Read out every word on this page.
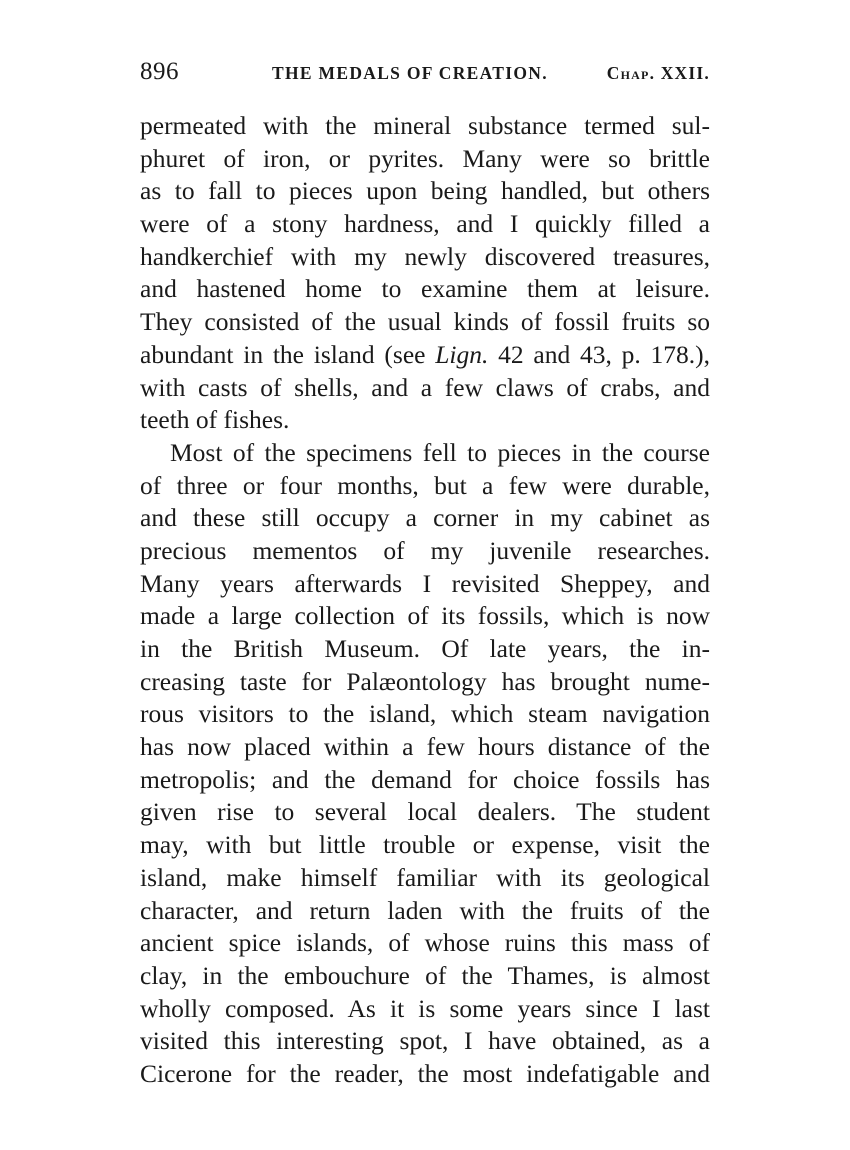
896	THE MEDALS OF CREATION.	Chap. XXII.
permeated with the mineral substance termed sul-
phuret of iron, or pyrites. Many were so brittle
as to fall to pieces upon being handled, but others
were of a stony hardness, and I quickly filled a
handkerchief with my newly discovered treasures,
and hastened home to examine them at leisure.
They consisted of the usual kinds of fossil fruits so
abundant in the island (see Lign. 42 and 43, p. 178.),
with casts of shells, and a few claws of crabs, and
teeth of fishes.
Most of the specimens fell to pieces in the course
of three or four months, but a few were durable,
and these still occupy a corner in my cabinet as
precious mementos of my juvenile researches.
Many years afterwards I revisited Sheppey, and
made a large collection of its fossils, which is now
in the British Museum. Of late years, the in-
creasing taste for Palæontology has brought nume-
rous visitors to the island, which steam navigation
has now placed within a few hours distance of the
metropolis; and the demand for choice fossils has
given rise to several local dealers. The student
may, with but little trouble or expense, visit the
island, make himself familiar with its geological
character, and return laden with the fruits of the
ancient spice islands, of whose ruins this mass of
clay, in the embouchure of the Thames, is almost
wholly composed. As it is some years since I last
visited this interesting spot, I have obtained, as a
Cicerone for the reader, the most indefatigable and
